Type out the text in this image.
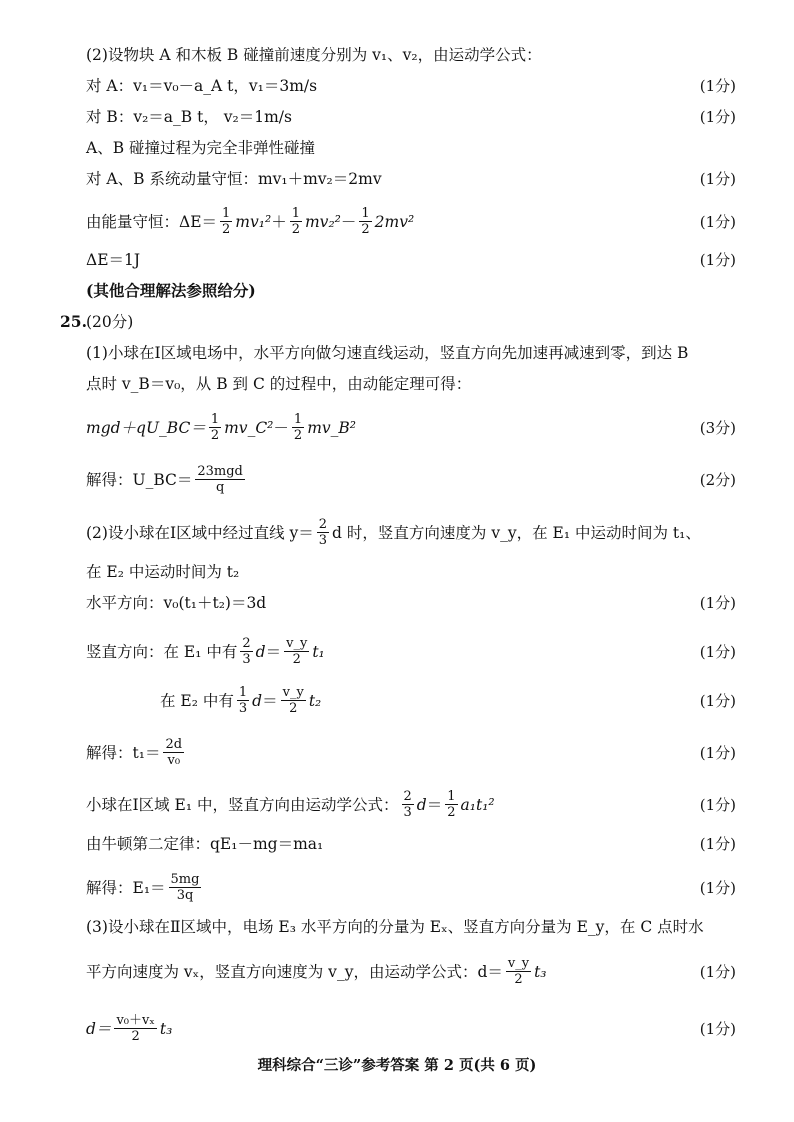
(2)设物块 A 和木板 B 碰撞前速度分别为 v₁、v₂，由运动学公式：
对 A：v₁＝v₀－a_A t，v₁＝3m/s	(1分)
对 B：v₂＝a_B t， v₂＝1m/s	(1分)
A、B 碰撞过程为完全非弹性碰撞
对 A、B 系统动量守恒：mv₁＋mv₂＝2mv	(1分)
由能量守恒：$\Delta E= \frac{1}{2} mv_1^2 + \frac{1}{2} mv_2^2 - \frac{1}{2} 2mv^2$	(1分)
ΔE＝1J	(1分)
(其他合理解法参照给分)
25. (20分)
(1)小球在Ⅰ区域电场中，水平方向做匀速直线运动，竖直方向先加速再减速到零，到达 B
点时 v_B＝v₀，从 B 到 C 的过程中，由动能定理可得：
mgd＋qU_BC＝ $\frac{1}{2}$ mv_C² － $\frac{1}{2}$ mv_B²	(3分)
解得：U_BC＝ $\frac{\text{23mgd}}{q}$	(2分)
(2)设小球在Ⅰ区域中经过直线 $y= \frac{2}{3}$ d 时，竖直方向速度为 v_y，在 E₁ 中运动时间为 t₁、
在 E₂ 中运动时间为 t₂
水平方向：v₀(t₁＋t₂)＝3d	(1分)
竖直方向：在 E₁ 中有 $\frac{2}{3}$ $d = \frac{v\_y}{2} t_1$	(1分)
在 E₂ 中有 $\frac{1}{3}$ $d = \frac{v\_y}{2} t_2$	(1分)
解得：$t_1= \frac{2d}{\text{v₀}}$	(1分)
小球在Ⅰ区域 E₁ 中，竖直方向由运动学公式： $\frac{2}{3}$ $d = \frac{1}{2} a_1t_1^2$	(1分)
由牛顿第二定律：qE₁－mg＝ma₁	(1分)
解得：$E_1= \frac{5mg}{3q}$	(1分)
(3)设小球在Ⅱ区域中，电场 E₃ 水平方向的分量为 Eₓ、竖直方向分量为 E_y，在 C 点时水
平方向速度为 vₓ，竖直方向速度为 v_y，由运动学公式：$d= \frac{v\_y}{2} t_3$	(1分)
$d= \frac{\text{v₀＋vₓ}}{2} t_3$	(1分)
理科综合“三诊”参考答案 第 2 页(共 6 页)
